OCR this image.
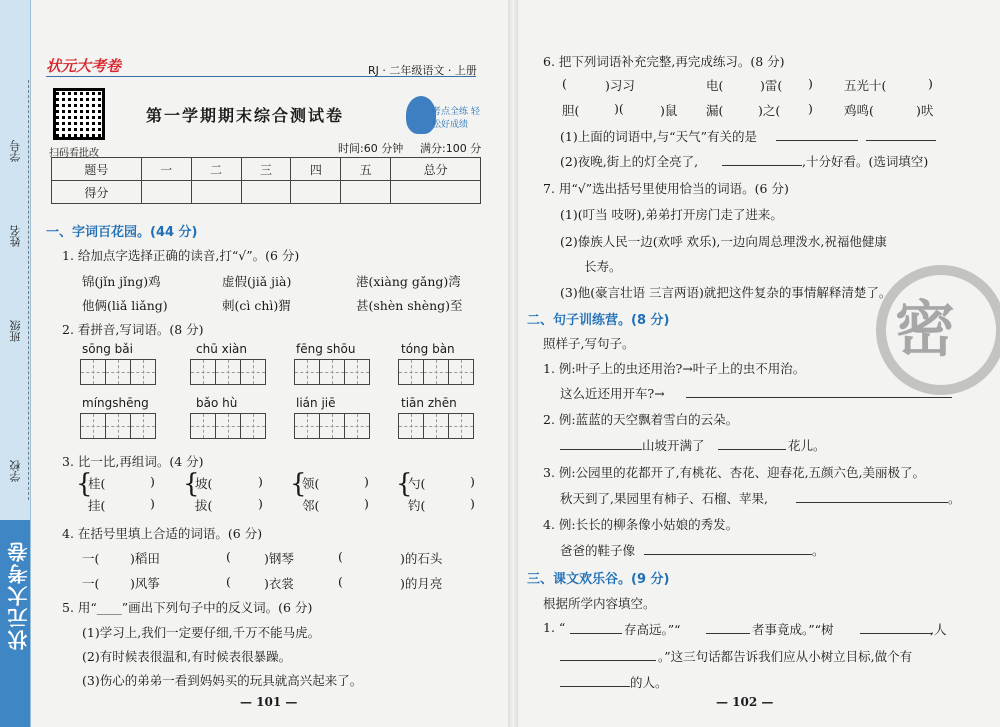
学号
姓名
班级
学校
状元大考卷
状元大考卷	RJ · 二年级语文 · 上册
扫码看批改
第一学期期末综合测试卷	考点全练 轻松好成绩
时间:60 分钟 满分:100 分
题号	一	二	三	四	五	总分
得分						
一、字词百花园。(44 分)
1. 给加点字选择正确的读音,打“√”。(6 分)
锦(jǐn jǐng)鸡	虚假(jiǎ jià)	港(xiàng gǎng)湾
他俩(liǎ liǎng)	刺(cì chì)猬	甚(shèn shèng)至
2. 看拼音,写词语。(8 分)
sōng bǎi	chū xiàn	fēng shōu	tóng bàn
míngshēng	bǎo hù	lián jiē	tiān zhēn
3. 比一比,再组词。(4 分)
{
桂(	)
挂(	)
{
坡(	)
拔(	)
{
领(	)
邻(	)
{
勺(	)
钓(	)
4. 在括号里填上合适的词语。(6 分)
一( )稻田	(	)钢琴	(	)的石头
一( )风筝	(	)衣裳	(	)的月亮
5. 用“____”画出下列句子中的反义词。(6 分)
(1)学习上,我们一定要仔细,千万不能马虎。
(2)有时候表很温和,有时候表很暴躁。
(3)伤心的弟弟一看到妈妈买的玩具就高兴起来了。
— 101 —
密
6. 把下列词语补充完整,再完成练习。(8 分)
(	)习习	电(	)雷( ) 五光十(	)
胆(	)(	)鼠 漏(	)之( ) 鸡鸣(	)吠
(1)上面的词语中,与“天气”有关的是
(2)夜晚,街上的灯全亮了,	,十分好看。(选词填空)
7. 用“√”选出括号里使用恰当的词语。(6 分)
(1)(叮当 吱呀),弟弟打开房门走了进来。
(2)傣族人民一边(欢呼 欢乐),一边向周总理泼水,祝福他健康
长寿。
(3)他(豪言壮语 三言两语)就把这件复杂的事情解释清楚了。
二、句子训练营。(8 分)
照样子,写句子。
1. 例:叶子上的虫还用治?→叶子上的虫不用治。
这么近还用开车?→
2. 例:蓝蓝的天空飘着雪白的云朵。
山坡开满了	花儿。
3. 例:公园里的花都开了,有桃花、杏花、迎春花,五颜六色,美丽极了。
秋天到了,果园里有柿子、石榴、苹果,	。
4. 例:长长的柳条像小姑娘的秀发。
爸爸的鞋子像	。
三、课文欢乐谷。(9 分)
根据所学内容填空。
1. “	存高远。”“	者事竟成。”“树	,人
。”这三句话都告诉我们应从小树立目标,做个有
的人。
— 102 —
